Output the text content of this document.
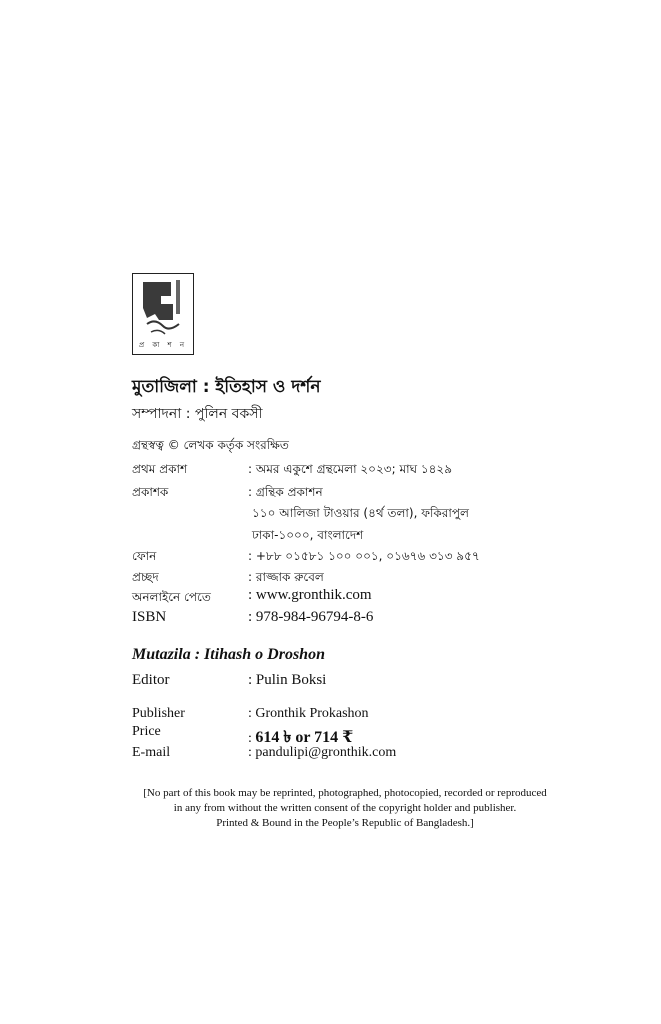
প্র কা শ ন
মুতাজিলা : ইতিহাস ও দর্শন
সম্পাদনা : পুলিন বকসী
গ্রন্থস্বত্ব © লেখক কর্তৃক সংরক্ষিত
প্রথম প্রকাশ	: অমর একুশে গ্রন্থমেলা ২০২৩; মাঘ ১৪২৯
প্রকাশক	: গ্রন্থিক প্রকাশন
১১০ আলিজা টাওয়ার (৪র্থ তলা), ফকিরাপুল
ঢাকা-১০০০, বাংলাদেশ
ফোন	: +৮৮ ০১৫৮১ ১০০ ০০১, ০১৬৭৬ ৩১৩ ৯৫৭
প্রচ্ছদ	: রাজ্জাক রুবেল
অনলাইনে পেতে : www.gronthik.com
ISBN	: 978-984-96794-8-6
Mutazila : Itihash o Droshon
Editor	: Pulin Boksi
Publisher	: Gronthik Prokashon
Price	: 614 ৳ or 714 ₹
E-mail	: pandulipi@gronthik.com
[No part of this book may be reprinted, photographed, photocopied, recorded or reproduced
in any from without the written consent of the copyright holder and publisher.
Printed & Bound in the People’s Republic of Bangladesh.]
